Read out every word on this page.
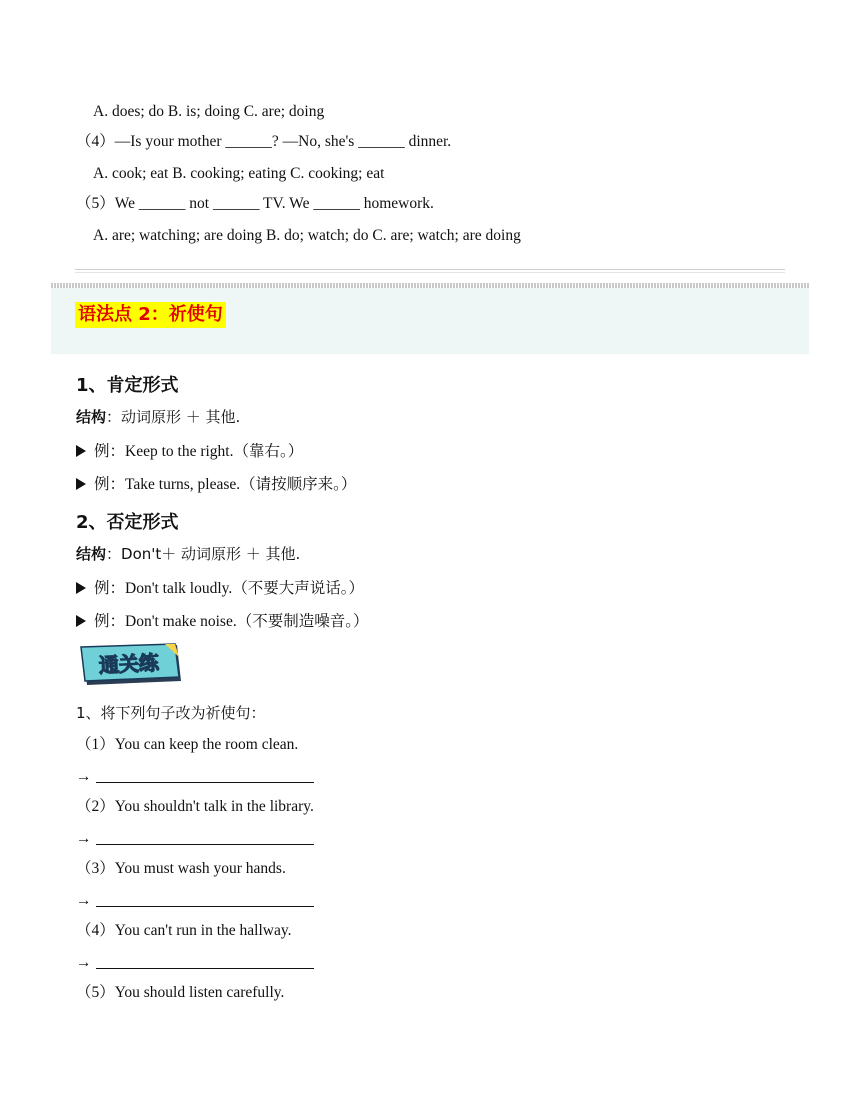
A. does; do B. is; doing C. are; doing
（4）—Is your mother ______? —No, she's ______ dinner.
A. cook; eat B. cooking; eating C. cooking; eat
（5）We ______ not ______ TV. We ______ homework.
A. are; watching; are doing B. do; watch; do C. are; watch; are doing
语法点 2：祈使句
1、肯定形式
结构：动词原形 ＋ 其他.
例：Keep to the right.（靠右。）
例：Take turns, please.（请按顺序来。）
2、否定形式
结构：Don't＋ 动词原形 ＋ 其他.
例：Don't talk loudly.（不要大声说话。）
例：Don't make noise.（不要制造噪音。）
通关练
1、将下列句子改为祈使句：
（1）You can keep the room clean.
→
（2）You shouldn't talk in the library.
→
（3）You must wash your hands.
→
（4）You can't run in the hallway.
→
（5）You should listen carefully.
